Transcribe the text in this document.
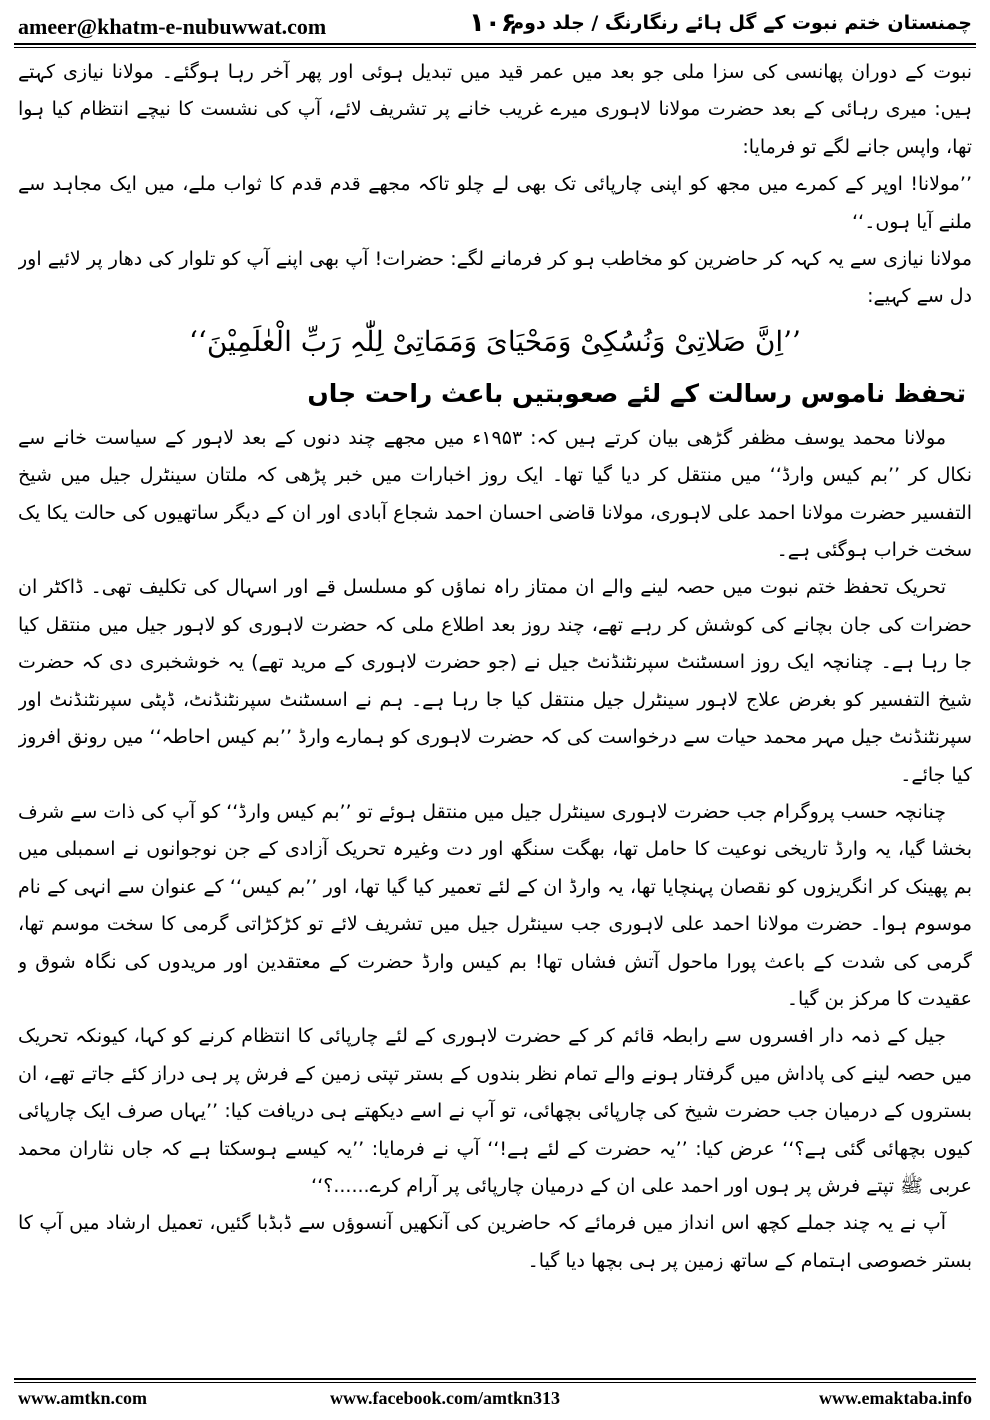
ameer@khatm-e-nubuwwat.com	۱۰۶
چمنستان ختم نبوت کے گل ہائے رنگارنگ / جلد دوم

نبوت کے دوران پھانسی کی سزا ملی جو بعد میں عمر قید میں تبدیل ہوئی اور پھر آخر رہا ہوگئے۔ مولانا نیازی کہتے ہیں: میری رہائی کے بعد حضرت مولانا لاہوری میرے غریب خانے پر تشریف لائے، آپ کی نشست کا نیچے انتظام کیا ہوا تھا، واپس جانے لگے تو فرمایا:

’’مولانا! اوپر کے کمرے میں مجھ کو اپنی چارپائی تک بھی لے چلو تاکہ مجھے قدم قدم کا ثواب ملے، میں ایک مجاہد سے ملنے آیا ہوں۔‘‘

مولانا نیازی سے یہ کہہ کر حاضرین کو مخاطب ہو کر فرمانے لگے: حضرات! آپ بھی اپنے آپ کو تلوار کی دھار پر لائیے اور دل سے کہیے:

’’اِنَّ صَلاتِیْ وَنُسُکِیْ وَمَحْیَایَ وَمَمَاتِیْ لِلّٰہِ رَبِّ الْعٰلَمِیْنَ‘‘

تحفظ ناموس رسالت کے لئے صعوبتیں باعث راحت جاں

مولانا محمد یوسف مظفر گڑھی بیان کرتے ہیں کہ: ۱۹۵۳ء میں مجھے چند دنوں کے بعد لاہور کے سیاست خانے سے نکال کر ’’بم کیس وارڈ‘‘ میں منتقل کر دیا گیا تھا۔ ایک روز اخبارات میں خبر پڑھی کہ ملتان سینٹرل جیل میں شیخ التفسیر حضرت مولانا احمد علی لاہوری، مولانا قاضی احسان احمد شجاع آبادی اور ان کے دیگر ساتھیوں کی حالت یکا یک سخت خراب ہوگئی ہے۔

تحریک تحفظ ختم نبوت میں حصہ لینے والے ان ممتاز راہ نماؤں کو مسلسل قے اور اسہال کی تکلیف تھی۔ ڈاکٹر ان حضرات کی جان بچانے کی کوشش کر رہے تھے، چند روز بعد اطلاع ملی کہ حضرت لاہوری کو لاہور جیل میں منتقل کیا جا رہا ہے۔ چنانچہ ایک روز اسسٹنٹ سپرنٹنڈنٹ جیل نے (جو حضرت لاہوری کے مرید تھے) یہ خوشخبری دی کہ حضرت شیخ التفسیر کو بغرض علاج لاہور سینٹرل جیل منتقل کیا جا رہا ہے۔ ہم نے اسسٹنٹ سپرنٹنڈنٹ، ڈپٹی سپرنٹنڈنٹ اور سپرنٹنڈنٹ جیل مہر محمد حیات سے درخواست کی کہ حضرت لاہوری کو ہمارے وارڈ ’’بم کیس احاطہ‘‘ میں رونق افروز کیا جائے۔

چنانچہ حسب پروگرام جب حضرت لاہوری سینٹرل جیل میں منتقل ہوئے تو ’’بم کیس وارڈ‘‘ کو آپ کی ذات سے شرف بخشا گیا، یہ وارڈ تاریخی نوعیت کا حامل تھا، بھگت سنگھ اور دت وغیرہ تحریک آزادی کے جن نوجوانوں نے اسمبلی میں بم پھینک کر انگریزوں کو نقصان پہنچایا تھا، یہ وارڈ ان کے لئے تعمیر کیا گیا تھا، اور ’’بم کیس‘‘ کے عنوان سے انہی کے نام موسوم ہوا۔ حضرت مولانا احمد علی لاہوری جب سینٹرل جیل میں تشریف لائے تو کڑکڑاتی گرمی کا سخت موسم تھا، گرمی کی شدت کے باعث پورا ماحول آتش فشاں تھا! بم کیس وارڈ حضرت کے معتقدین اور مریدوں کی نگاہ شوق و عقیدت کا مرکز بن گیا۔

جیل کے ذمہ دار افسروں سے رابطہ قائم کر کے حضرت لاہوری کے لئے چارپائی کا انتظام کرنے کو کہا، کیونکہ تحریک میں حصہ لینے کی پاداش میں گرفتار ہونے والے تمام نظر بندوں کے بستر تپتی زمین کے فرش پر ہی دراز کئے جاتے تھے، ان بستروں کے درمیان جب حضرت شیخ کی چارپائی بچھائی، تو آپ نے اسے دیکھتے ہی دریافت کیا: ’’یہاں صرف ایک چارپائی کیوں بچھائی گئی ہے؟‘‘ عرض کیا: ’’یہ حضرت کے لئے ہے!‘‘ آپ نے فرمایا: ’’یہ کیسے ہوسکتا ہے کہ جاں نثاران محمد عربی ﷺ تپتے فرش پر ہوں اور احمد علی ان کے درمیان چارپائی پر آرام کرے......؟‘‘

آپ نے یہ چند جملے کچھ اس انداز میں فرمائے کہ حاضرین کی آنکھیں آنسوؤں سے ڈبڈبا گئیں، تعمیل ارشاد میں آپ کا بستر خصوصی اہتمام کے ساتھ زمین پر ہی بچھا دیا گیا۔

www.amtkn.com	www.facebook.com/amtkn313	www.emaktaba.info
